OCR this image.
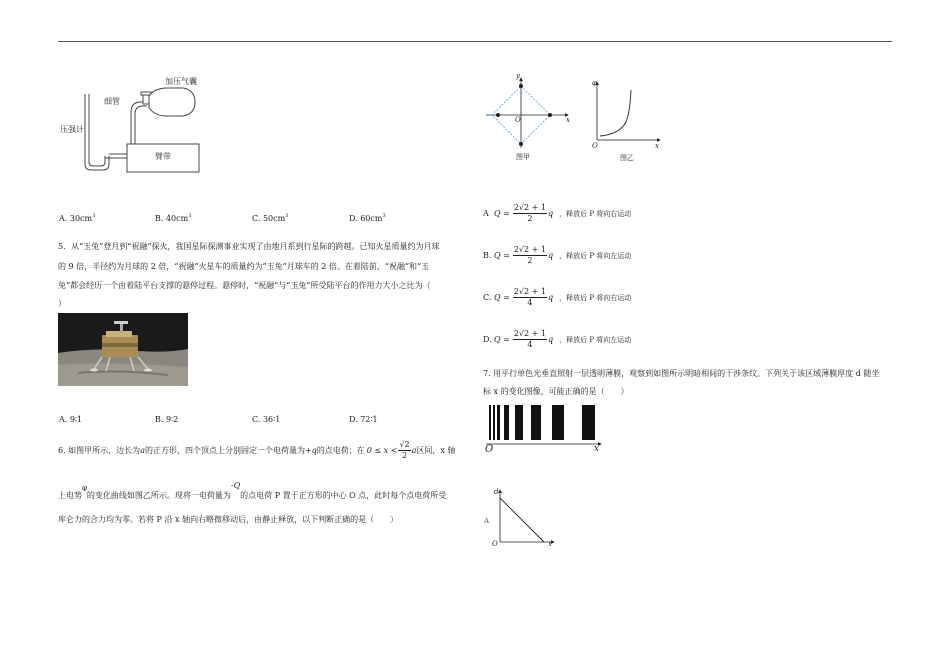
加压气囊
细管
压强计
臂带
A. $30cm^3$	B. $40cm^3$	C. $50cm^3$	D. $60cm^3$
5．从“玉兔”登月到“祝融”探火，我国星际探测事业实现了由地月系到行星际的跨越。已知火星质量约为月球
的 9 倍，半径约为月球的 2 倍，“祝融”火星车的质量约为“玉兔”月球车的 2 倍。在着陆前，“祝融”和“玉
兔”都会经历一个由着陆平台支撑的悬停过程。悬停时，“祝融”与“玉兔”所受陆平台的作用力大小之比为（
）
A. 9∶1	B. 9∶2	C. 36∶1	D. 72∶1
6. 如图甲所示，边长为 a 的正方形，四个顶点上分别固定一个电荷量为 +q 的点电荷；在 $0 \le x < \frac{√2}{2}$ a 区间，x 轴
上电势
φ
的变化曲线如图乙所示。现将一电荷量为
-Q
的点电荷 P 置于正方形的中心 O 点，此时每个点电荷所受
库仑力的合力均为零。若将 P 沿 x 轴向右略微移动后，由静止释放，以下判断正确的是（　　）
y
x
O
图甲
φ
x
O
图乙
A $Q = \frac{2√2 + 1}{2}$ q ，释放后 P 将向右运动
B. $Q = \frac{2√2 + 1}{2}$ q ，释放后 P 将向左运动
C. $Q = \frac{2√2 + 1}{4}$ q ，释放后 P 将向右运动
D. $Q = \frac{2√2 + 1}{4}$ q ，释放后 P 将向左运动
7. 用平行单色光垂直照射一层透明薄膜，观察到如图所示明暗相间的干涉条纹。下列关于该区域薄膜厚度 d 随坐
标 x 的变化图像，可能正确的是（　　）
O	x
d
O	x
A
